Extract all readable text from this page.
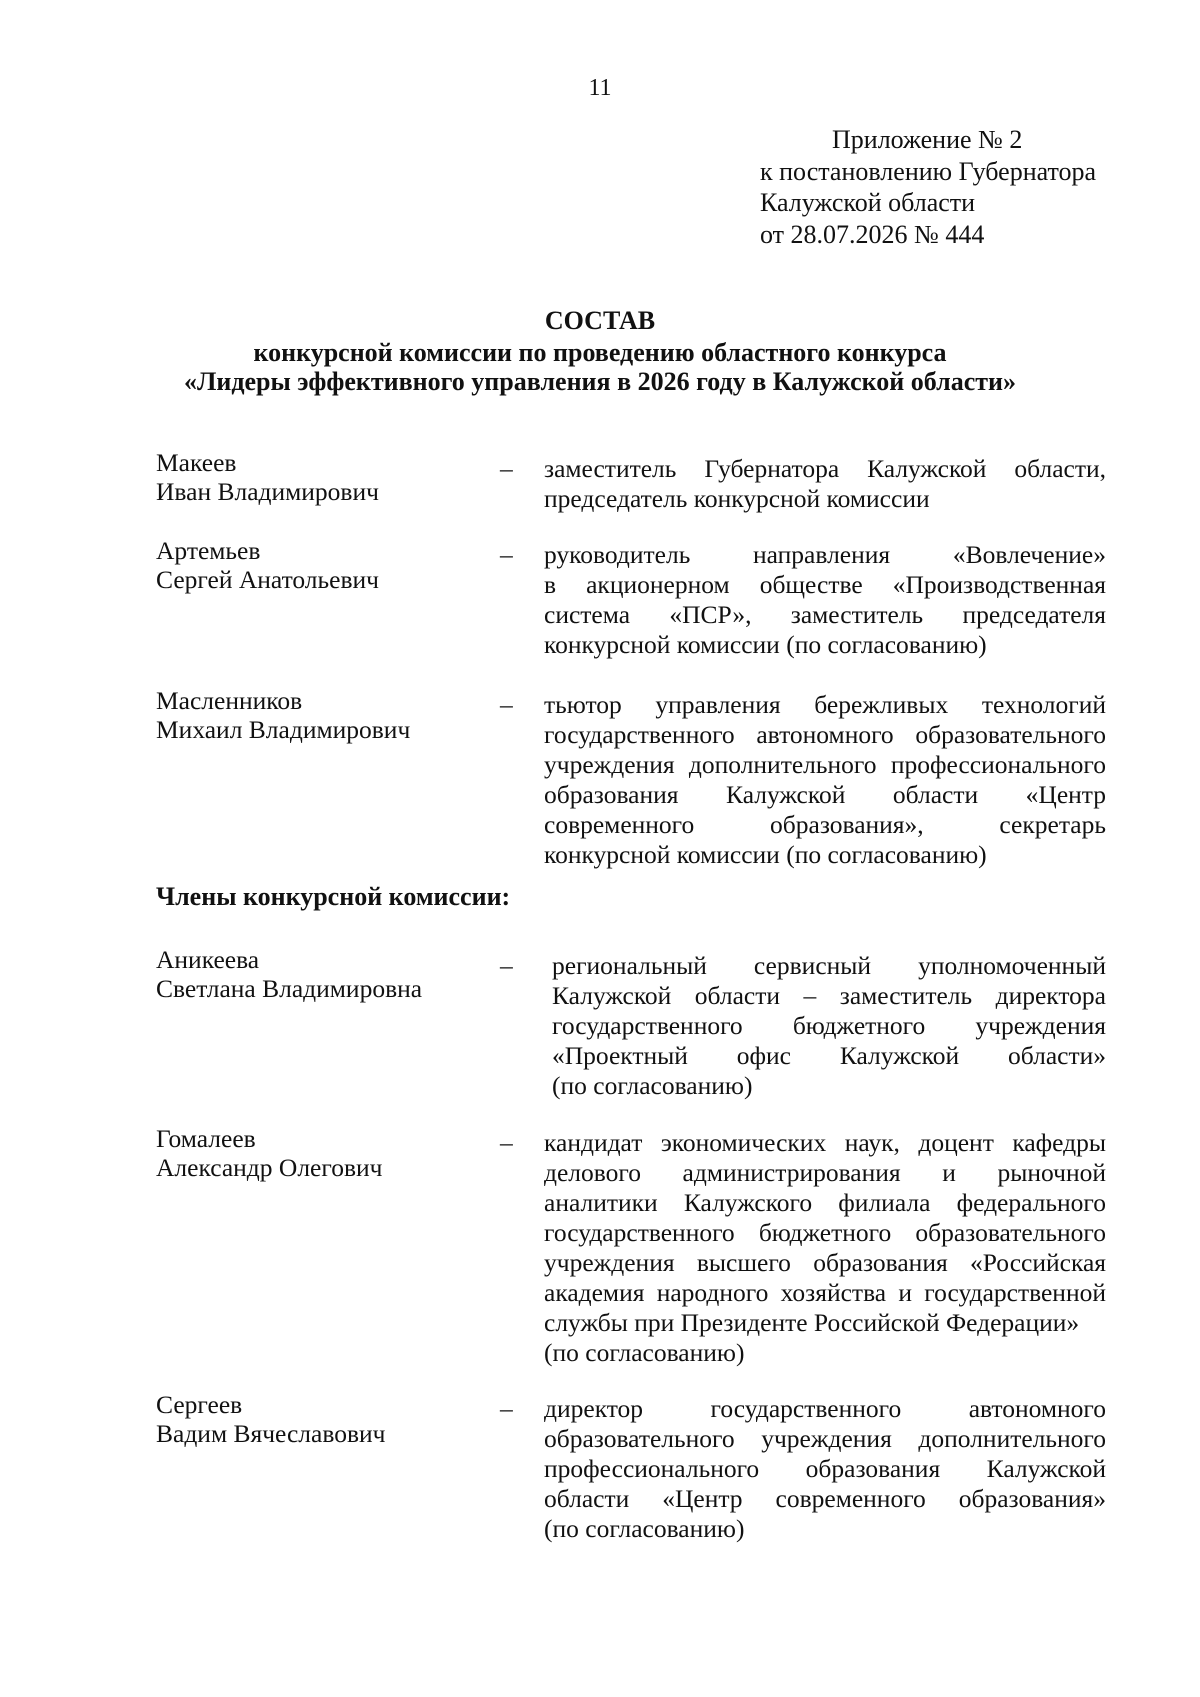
11
Приложение № 2
к постановлению Губернатора
Калужской области
от 28.07.2026 № 444
СОСТАВ
конкурсной комиссии по проведению областного конкурса
«Лидеры эффективного управления в 2026 году в Калужской области»
Макеев
Иван Владимирович
– заместитель Губернатора Калужской области,
председатель конкурсной комиссии
Артемьев
Сергей Анатольевич
– руководитель направления «Вовлечение»
в акционерном обществе «Производственная
система «ПСР», заместитель председателя
конкурсной комиссии (по согласованию)
Масленников
Михаил Владимирович
– тьютор управления бережливых технологий
государственного автономного образовательного
учреждения дополнительного профессионального
образования Калужской области «Центр
современного образования», секретарь
конкурсной комиссии (по согласованию)
Члены конкурсной комиссии:
Аникеева
Светлана Владимировна
– региональный сервисный уполномоченный
Калужской области – заместитель директора
государственного бюджетного учреждения
«Проектный офис Калужской области»
(по согласованию)
Гомалеев
Александр Олегович
– кандидат экономических наук, доцент кафедры
делового администрирования и рыночной
аналитики Калужского филиала федерального
государственного бюджетного образовательного
учреждения высшего образования «Российская
академия народного хозяйства и государственной
службы при Президенте Российской Федерации»
(по согласованию)
Сергеев
Вадим Вячеславович
– директор государственного автономного
образовательного учреждения дополнительного
профессионального образования Калужской
области «Центр современного образования»
(по согласованию)
